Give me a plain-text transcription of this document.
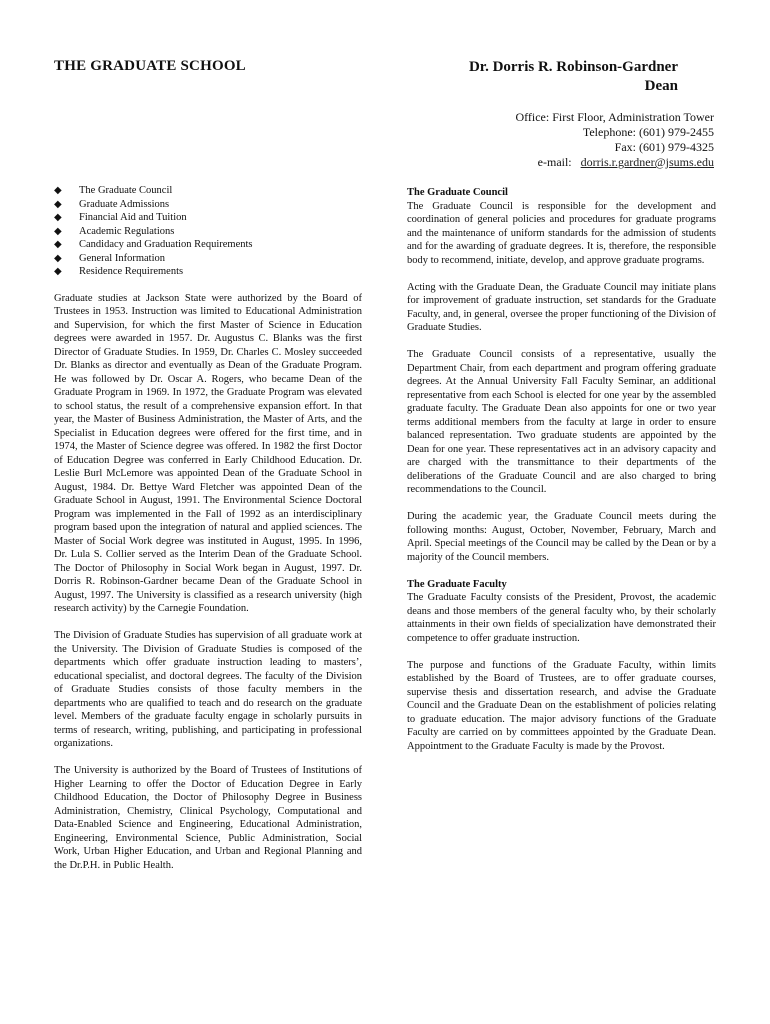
THE GRADUATE SCHOOL	Dr. Dorris R. Robinson-Gardner
Dean
Office: First Floor, Administration Tower
Telephone: (601) 979-2455
Fax: (601) 979-4325
e-mail: dorris.r.gardner@jsums.edu
◆ The Graduate Council
◆ Graduate Admissions
◆ Financial Aid and Tuition
◆ Academic Regulations
◆ Candidacy and Graduation Requirements
◆ General Information
◆ Residence Requirements

Graduate studies at Jackson State were authorized by the Board of Trustees in 1953. Instruction was limited to Educational Administration and Supervision, for which the first Master of Science in Education degrees were awarded in 1957. Dr. Augustus C. Blanks was the first Director of Graduate Studies. In 1959, Dr. Charles C. Mosley succeeded Dr. Blanks as director and eventually as Dean of the Graduate Program. He was followed by Dr. Oscar A. Rogers, who became Dean of the Graduate Program in 1969. In 1972, the Graduate Program was elevated to school status, the result of a comprehensive expansion effort. In that year, the Master of Business Administration, the Master of Arts, and the Specialist in Education degrees were offered for the first time, and in 1974, the Master of Science degree was offered. In 1982 the first Doctor of Education Degree was conferred in Early Childhood Education. Dr. Leslie Burl McLemore was appointed Dean of the Graduate School in August, 1984. Dr. Bettye Ward Fletcher was appointed Dean of the Graduate School in August, 1991. The Environmental Science Doctoral Program was implemented in the Fall of 1992 as an interdisciplinary program based upon the integration of natural and applied sciences. The Master of Social Work degree was instituted in August, 1995. In 1996, Dr. Lula S. Collier served as the Interim Dean of the Graduate School. The Doctor of Philosophy in Social Work began in August, 1997. Dr. Dorris R. Robinson-Gardner became Dean of the Graduate School in August, 1997. The University is classified as a research university (high research activity) by the Carnegie Foundation.

The Division of Graduate Studies has supervision of all graduate work at the University. The Division of Graduate Studies is composed of the departments which offer graduate instruction leading to masters’, educational specialist, and doctoral degrees. The faculty of the Division of Graduate Studies consists of those faculty members in the departments who are qualified to teach and do research on the graduate level. Members of the graduate faculty engage in scholarly pursuits in terms of research, writing, publishing, and participating in professional organizations.

The University is authorized by the Board of Trustees of Institutions of Higher Learning to offer the Doctor of Education Degree in Early Childhood Education, the Doctor of Philosophy Degree in Business Administration, Chemistry, Clinical Psychology, Computational and Data-Enabled Science and Engineering, Educational Administration, Engineering, Environmental Science, Public Administration, Social Work, Urban Higher Education, and Urban and Regional Planning and the Dr.P.H. in Public Health.

The Graduate Council
The Graduate Council is responsible for the development and coordination of general policies and procedures for graduate programs and the maintenance of uniform standards for the admission of students and for the awarding of graduate degrees. It is, therefore, the responsible body to recommend, initiate, develop, and approve graduate programs.

Acting with the Graduate Dean, the Graduate Council may initiate plans for improvement of graduate instruction, set standards for the Graduate Faculty, and, in general, oversee the proper functioning of the Division of Graduate Studies.

The Graduate Council consists of a representative, usually the Department Chair, from each department and program offering graduate degrees. At the Annual University Fall Faculty Seminar, an additional representative from each School is elected for one year by the assembled graduate faculty. The Graduate Dean also appoints for one or two year terms additional members from the faculty at large in order to ensure balanced representation. Two graduate students are appointed by the Dean for one year. These representatives act in an advisory capacity and are charged with the transmittance to their departments of the deliberations of the Graduate Council and are also charged to bring recommendations to the Council.

During the academic year, the Graduate Council meets during the following months: August, October, November, February, March and April. Special meetings of the Council may be called by the Dean or by a majority of the Council members.

The Graduate Faculty
The Graduate Faculty consists of the President, Provost, the academic deans and those members of the general faculty who, by their scholarly attainments in their own fields of specialization have demonstrated their competence to offer graduate instruction.

The purpose and functions of the Graduate Faculty, within limits established by the Board of Trustees, are to offer graduate courses, supervise thesis and dissertation research, and advise the Graduate Council and the Graduate Dean on the establishment of policies relating to graduate education. The major advisory functions of the Graduate Faculty are carried on by committees appointed by the Graduate Dean. Appointment to the Graduate Faculty is made by the Provost.
